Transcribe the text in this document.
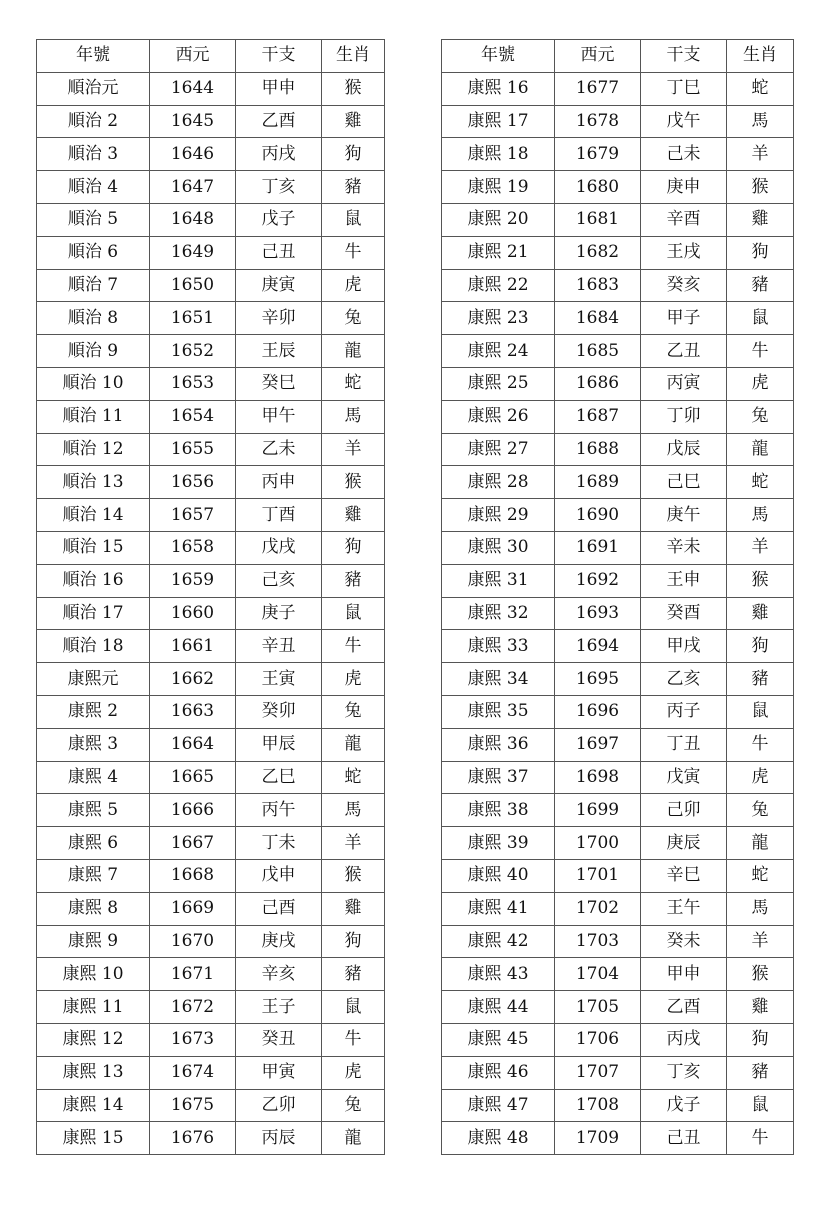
年號	西元	干支	生肖
順治元	1644	甲申	猴
順治 2	1645	乙酉	雞
順治 3	1646	丙戌	狗
順治 4	1647	丁亥	豬
順治 5	1648	戊子	鼠
順治 6	1649	己丑	牛
順治 7	1650	庚寅	虎
順治 8	1651	辛卯	兔
順治 9	1652	王辰	龍
順治 10	1653	癸巳	蛇
順治 11	1654	甲午	馬
順治 12	1655	乙未	羊
順治 13	1656	丙申	猴
順治 14	1657	丁酉	雞
順治 15	1658	戊戌	狗
順治 16	1659	己亥	豬
順治 17	1660	庚子	鼠
順治 18	1661	辛丑	牛
康熙元	1662	王寅	虎
康熙 2	1663	癸卯	兔
康熙 3	1664	甲辰	龍
康熙 4	1665	乙巳	蛇
康熙 5	1666	丙午	馬
康熙 6	1667	丁未	羊
康熙 7	1668	戊申	猴
康熙 8	1669	己酉	雞
康熙 9	1670	庚戌	狗
康熙 10	1671	辛亥	豬
康熙 11	1672	王子	鼠
康熙 12	1673	癸丑	牛
康熙 13	1674	甲寅	虎
康熙 14	1675	乙卯	兔
康熙 15	1676	丙辰	龍
年號	西元	干支	生肖
康熙 16	1677	丁巳	蛇
康熙 17	1678	戊午	馬
康熙 18	1679	己未	羊
康熙 19	1680	庚申	猴
康熙 20	1681	辛酉	雞
康熙 21	1682	王戌	狗
康熙 22	1683	癸亥	豬
康熙 23	1684	甲子	鼠
康熙 24	1685	乙丑	牛
康熙 25	1686	丙寅	虎
康熙 26	1687	丁卯	兔
康熙 27	1688	戊辰	龍
康熙 28	1689	己巳	蛇
康熙 29	1690	庚午	馬
康熙 30	1691	辛未	羊
康熙 31	1692	王申	猴
康熙 32	1693	癸酉	雞
康熙 33	1694	甲戌	狗
康熙 34	1695	乙亥	豬
康熙 35	1696	丙子	鼠
康熙 36	1697	丁丑	牛
康熙 37	1698	戊寅	虎
康熙 38	1699	己卯	兔
康熙 39	1700	庚辰	龍
康熙 40	1701	辛巳	蛇
康熙 41	1702	王午	馬
康熙 42	1703	癸未	羊
康熙 43	1704	甲申	猴
康熙 44	1705	乙酉	雞
康熙 45	1706	丙戌	狗
康熙 46	1707	丁亥	豬
康熙 47	1708	戊子	鼠
康熙 48	1709	己丑	牛
